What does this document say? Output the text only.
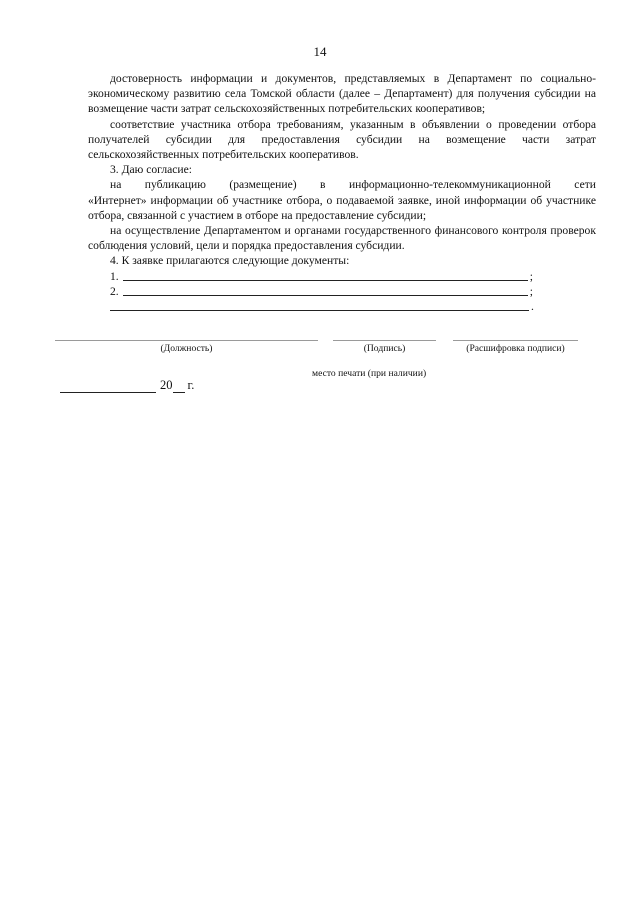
14

достоверность информации и документов, представляемых в Департамент по социально-экономическому развитию села Томской области (далее – Департамент) для получения субсидии на возмещение части затрат сельскохозяйственных потребительских кооперативов;

соответствие участника отбора требованиям, указанным в объявлении о проведении отбора получателей субсидии для предоставления субсидии на возмещение части затрат сельскохозяйственных потребительских кооперативов.

3. Даю согласие:

на публикацию (размещение) в информационно-телекоммуникационной сети

«Интернет» информации об участнике отбора, о подаваемой заявке, иной информации об участнике отбора, связанной с участием в отборе на предоставление субсидии;

на осуществление Департаментом и органами государственного финансового контроля проверок соблюдения условий, цели и порядка предоставления субсидии.

4. К заявке прилагаются следующие документы:

1.	;
2.	;
.
(Должность)	(Подпись)	(Расшифровка подписи)
место печати (при наличии)
20 г.
